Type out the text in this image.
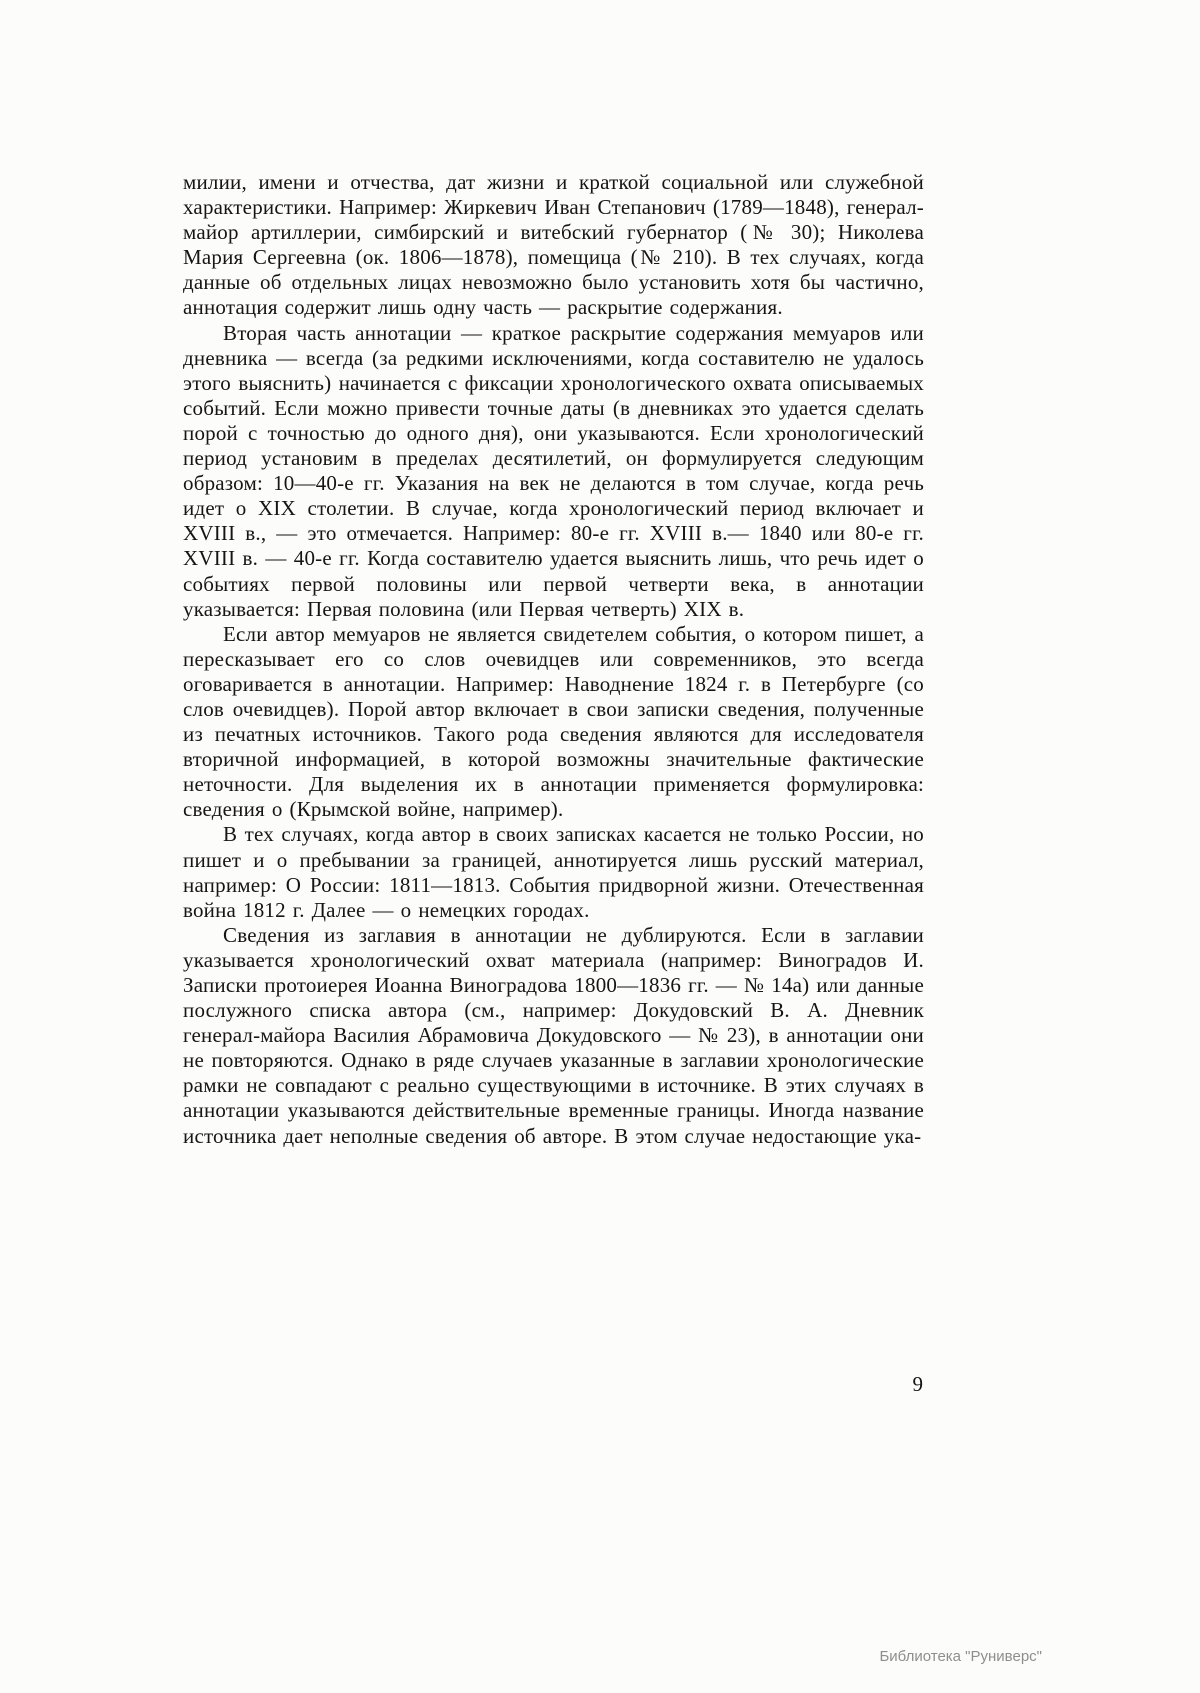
милии, имени и отчества, дат жизни и краткой социальной или служебной характеристики. Например: Жиркевич Иван Степанович (1789—1848), генерал-майор артиллерии, симбирский и витебский губернатор (№ 30); Николева Мария Сергеевна (ок. 1806—1878), помещица (№ 210). В тех случаях, когда данные об отдельных лицах невозможно было установить хотя бы частично, аннотация содержит лишь одну часть — раскрытие содержания.

Вторая часть аннотации — краткое раскрытие содержания мемуаров или дневника — всегда (за редкими исключениями, когда составителю не удалось этого выяснить) начинается с фиксации хронологического охвата описываемых событий. Если можно привести точные даты (в дневниках это удается сделать порой с точностью до одного дня), они указываются. Если хронологический период установим в пределах десятилетий, он формулируется следующим образом: 10—40-е гг. Указания на век не делаются в том случае, когда речь идет о XIX столетии. В случае, когда хронологический период включает и XVIII в., — это отмечается. Например: 80-е гг. XVIII в.— 1840 или 80-е гг. XVIII в. — 40-е гг. Когда составителю удается выяснить лишь, что речь идет о событиях первой половины или первой четверти века, в аннотации указывается: Первая половина (или Первая четверть) XIX в.

Если автор мемуаров не является свидетелем события, о котором пишет, а пересказывает его со слов очевидцев или современников, это всегда оговаривается в аннотации. Например: Наводнение 1824 г. в Петербурге (со слов очевидцев). Порой автор включает в свои записки сведения, полученные из печатных источников. Такого рода сведения являются для исследователя вторичной информацией, в которой возможны значительные фактические неточности. Для выделения их в аннотации применяется формулировка: сведения о (Крымской войне, например).

В тех случаях, когда автор в своих записках касается не только России, но пишет и о пребывании за границей, аннотируется лишь русский материал, например: О России: 1811—1813. События придворной жизни. Отечественная война 1812 г. Далее — о немецких городах.

Сведения из заглавия в аннотации не дублируются. Если в заглавии указывается хронологический охват материала (например: Виноградов И. Записки протоиерея Иоанна Виноградова 1800—1836 гг. — № 14а) или данные послужного списка автора (см., например: Докудовский В. А. Дневник генерал-майора Василия Абрамовича Докудовского — № 23), в аннотации они не повторяются. Однако в ряде случаев указанные в заглавии хронологические рамки не совпадают с реально существующими в источнике. В этих случаях в аннотации указываются действительные временные границы. Иногда название источника дает неполные сведения об авторе. В этом случае недостающие ука-

9
Библиотека "Руниверс"
